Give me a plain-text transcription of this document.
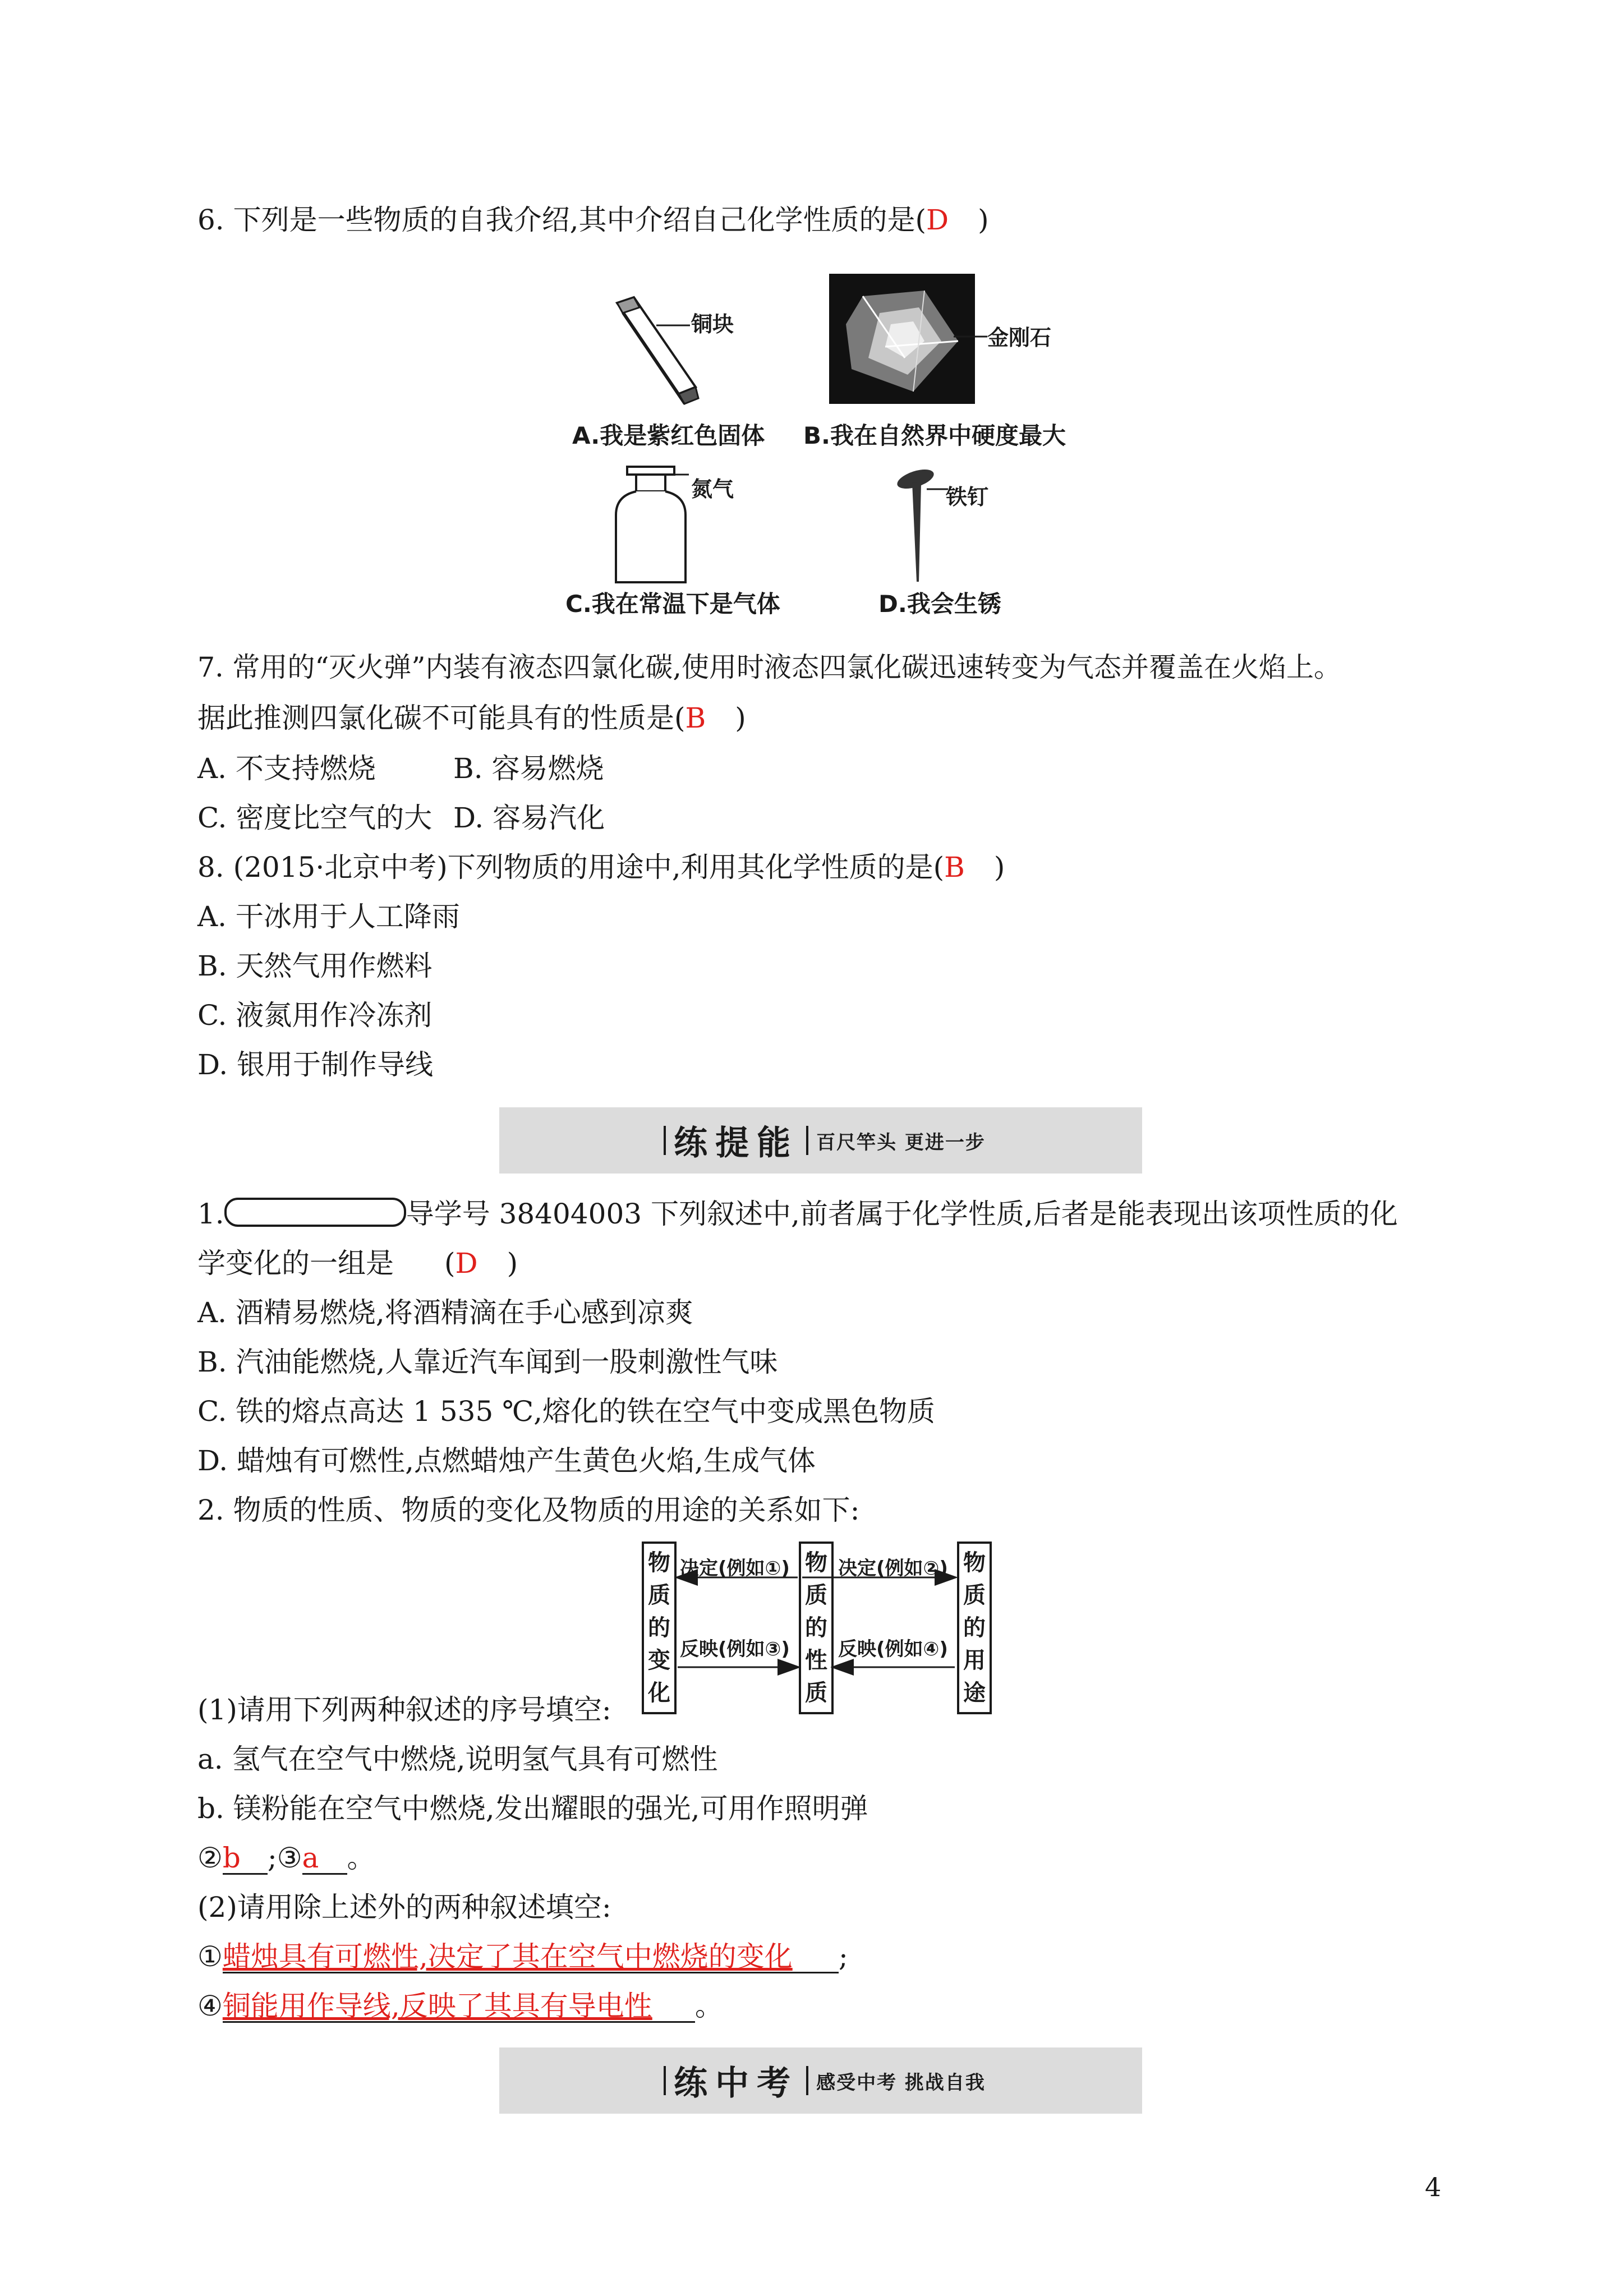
6. 下列是一些物质的自我介绍,其中介绍自己化学性质的是(D )
铜块
金刚石
A.我是紫红色固体 B.我在自然界中硬度最大
氮气	铁钉
C.我在常温下是气体	D.我会生锈
7. 常用的“灭火弹”内装有液态四氯化碳,使用时液态四氯化碳迅速转变为气态并覆盖在火焰上。
据此推测四氯化碳不可能具有的性质是(B )
A. 不支持燃烧	B. 容易燃烧
C. 密度比空气的大 D. 容易汽化
8. (2015·北京中考)下列物质的用途中,利用其化学性质的是(B )
A. 干冰用于人工降雨
B. 天然气用作燃料
C. 液氮用作冷冻剂
D. 银用于制作导线
练提能 百尺竿头 更进一步
1.	导学号 38404003 下列叙述中,前者属于化学性质,后者是能表现出该项性质的化
学变化的一组是 (D )
A. 酒精易燃烧,将酒精滴在手心感到凉爽
B. 汽油能燃烧,人靠近汽车闻到一股刺激性气味
C. 铁的熔点高达 1 535 ℃,熔化的铁在空气中变成黑色物质
D. 蜡烛有可燃性,点燃蜡烛产生黄色火焰,生成气体
2. 物质的性质、物质的变化及物质的用途的关系如下:
物
质
的
变
化
物
质
的
性
质
物
质
的
用
途
决定(例如①)	决定(例如②)
反映(例如③)	反映(例如④)
(1)请用下列两种叙述的序号填空:
a. 氢气在空气中燃烧,说明氢气具有可燃性
b. 镁粉能在空气中燃烧,发出耀眼的强光,可用作照明弹
②b ;③a 。
(2)请用除上述外的两种叙述填空:
①蜡烛具有可燃性,决定了其在空气中燃烧的变化 ;
④铜能用作导线,反映了其具有导电性 。
练中考 感受中考 挑战自我
4
